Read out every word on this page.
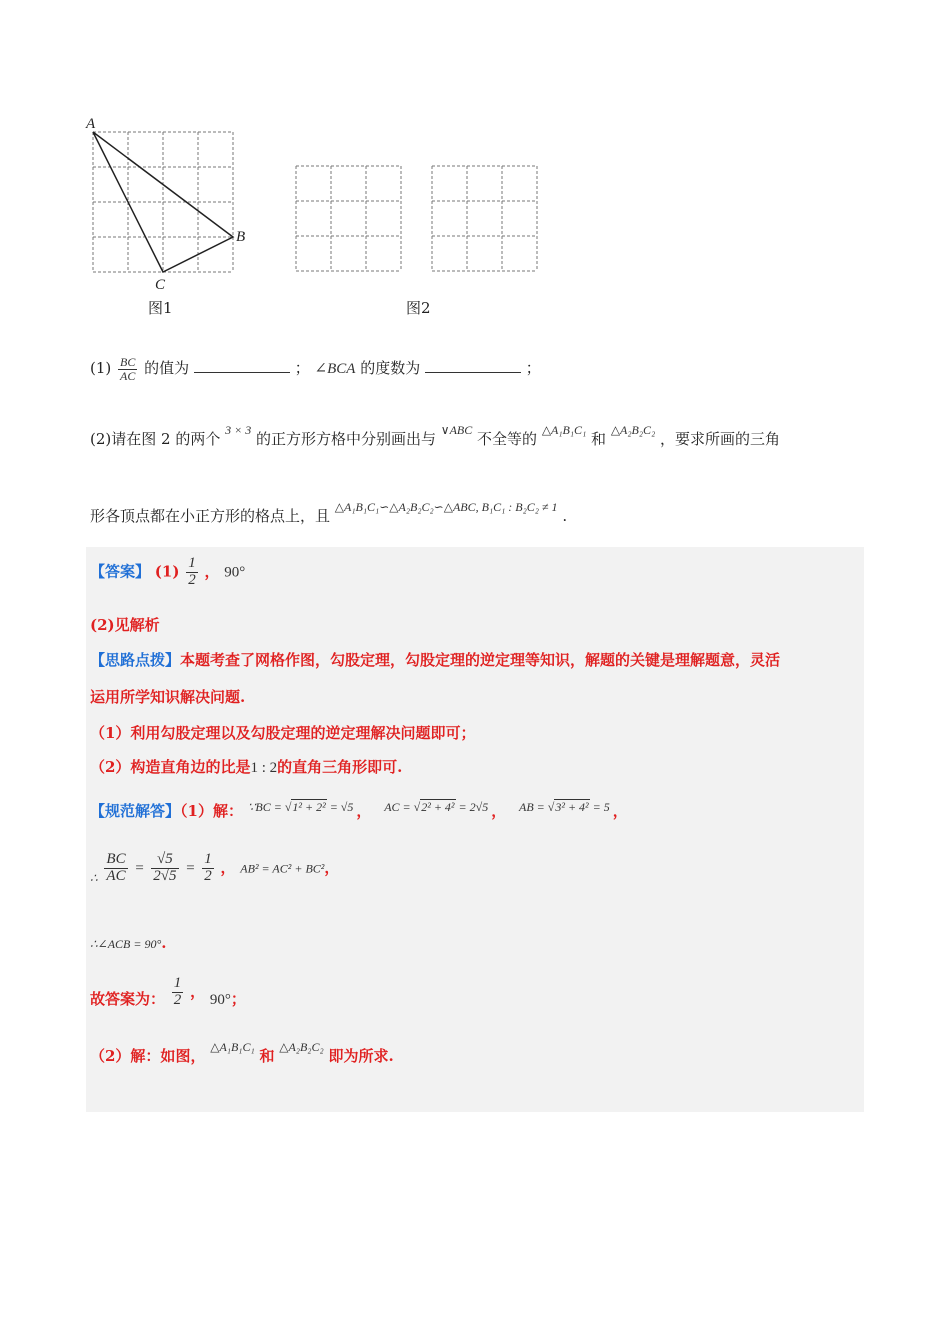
A
B
C
图1	图2
$(1) \frac{BC}{AC}$ 的值为	； ∠BCA 的度数为	；
(2)请在图 2 的两个 $^{3 \times 3}$ 的正方形方格中分别画出与 $^{\vee ABC}$ 不全等的 $^{\triangle A_1B_1C_1}$ 和 $^{\triangle A_2B_2C_2}$ ，要求所画的三角
形各顶点都在小正方形的格点上，且 $^{\triangle A_1B_1C_1∽\triangle A_2B_2C_2∽\triangle ABC, B_1C_1 : B_2C_2 \ne 1}$ .
【答案】 $(1) \frac{1}{2}$ ， 90°
(2)见解析
【思路点拨】本题考查了网格作图，勾股定理，勾股定理的逆定理等知识，解题的关键是理解题意，灵活
运用所学知识解决问题.
（1）利用勾股定理以及勾股定理的逆定理解决问题即可；
（2）构造直角边的比是1 : 2的直角三角形即可.
【规范解答】（1）解： $^{\because BC = √1^2 + 2^2 = √5}$ ， $^{AC = √2^2 + 4^2 = 2√5}$ ， $^{AB = √3^2 + 4^2 = 5}$ ，
$_\therefore \frac{BC}{AC} = \frac{√5}{2√5} = \frac{1}{2}$ ， AB² = AC² + BC²，
∴∠ACB = 90°.
故答案为： $\frac{1}{2}$ ， 90°；
（2）解：如图， $^{\triangle A_1B_1C_1}$ 和 $^{\triangle A_2B_2C_2}$ 即为所求.
